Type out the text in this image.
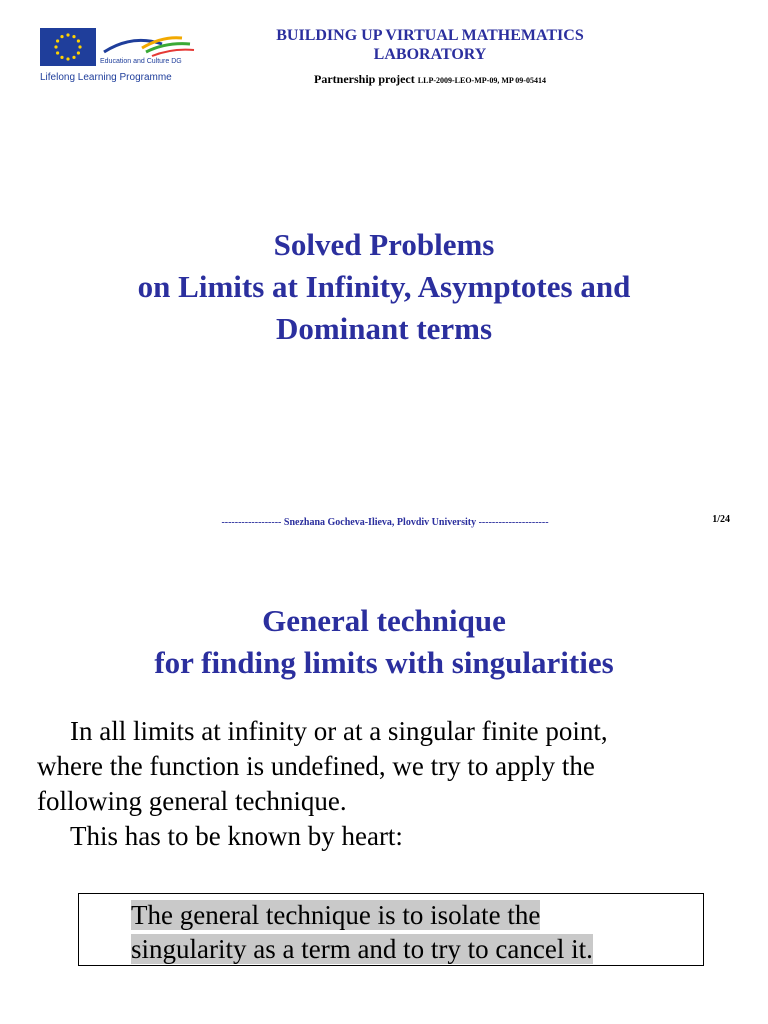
Education and Culture DG
Lifelong Learning Programme
BUILDING UP VIRTUAL MATHEMATICS
LABORATORY
Partnership project LLP-2009-LEO-MP-09, MP 09-05414
Solved Problems
on Limits at Infinity, Asymptotes and
Dominant terms
------------------ Snezhana Gocheva-Ilieva, Plovdiv University ---------------------	1/24
General technique
for finding limits with singularities

In all limits at infinity or at a singular finite point,

where the function is undefined, we try to apply the

following general technique.

This has to be known by heart:

The general technique is to isolate the
singularity as a term and to try to cancel it.
